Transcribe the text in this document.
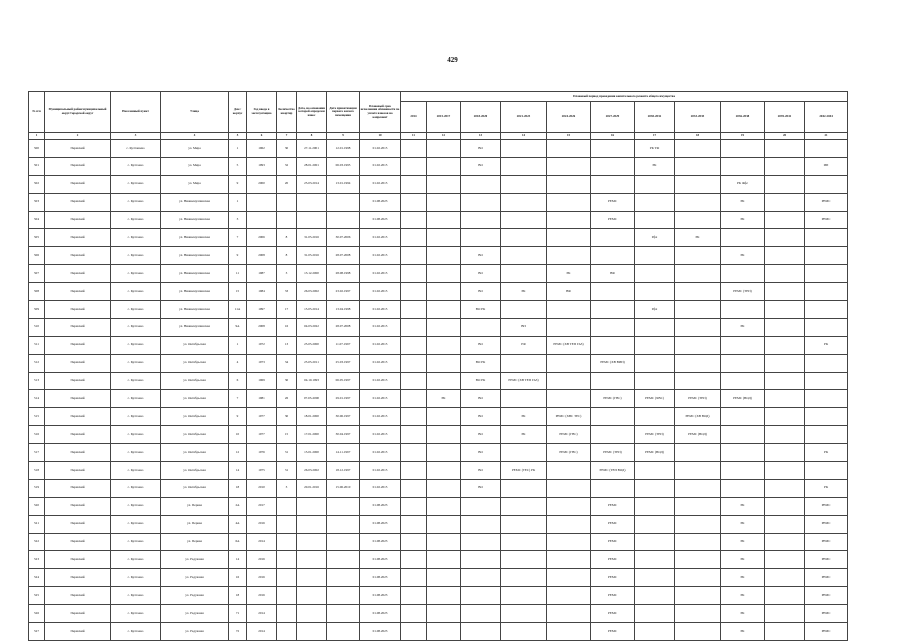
429
№ п/п	Муниципальный район/муниципальный округ/городской округ	Населенный пункт	Улица	Дом / корпус	Год ввода в эксплуатацию	Количество квартир	Дата, на основании которой определен износ	Дата приватизации первого жилого помещения	Плановый срок исполнения обязанности по уплате взносов на капремонт	Плановый период проведения капитального ремонта общего имущества										
										2014	2015-2017	2018-2020	2021-2023	2024-2026	2027-2029	2030-2032	2033-2035	2036-2038	2039-2041	2042-2044
1	2	3	4	5	6	7	8	9	10	11	12	13	14	15	16	17	18	19	20	21
500	Пермский	с. Култашево	ул. Мира	1	1962	30	27.11.2001	12.01.1998	01.02.2015			ВО				РК ТФ				
501	Пермский	с. Култаево	ул. Мира	5	1993	32	28.01.2001	06.03.1995	01.02.2015			ВО				РК				ИП
502	Пермский	с. Култаево	ул. Мира	9	2000	20	25.03.2014	13.01.1994	01.02.2015									РК Ффс		
503	Пермский	с. Култаево	ул. Нижнемуллинская	1					01.08.2023						РЕМС			РК		РЕМС
504	Пермский	с. Култаево	ул. Нижнемуллинская	3					01.08.2023						РЕМС			РК		РЕМС
505	Пермский	с. Култаево	ул. Нижнемуллинская	7	2006	8	31.05.2016	30.07.2006	01.02.2015							Рфх	РК			
506	Пермский	с. Култаево	ул. Нижнемуллинская	9	2008	8	31.05.2016	28.07.2008	01.02.2015			ВО						РК		
507	Пермский	с. Култаево	ул. Нижнемуллинская	11	1987	3	13.12.2000	28.08.1998	01.02.2015			ВО		РК	ВФ					
508	Пермский	с. Култаево	ул. Нижнемуллинская	15	1984	33	26.03.2002	23.02.1997	01.02.2015			ВО	РК	ВФ				РЕМС (ТЕП)		
509	Пермский	с. Култаево	ул. Нижнемуллинская	11А	1997	17	15.05.2014	13.04.1998	01.02.2015			ВО РК				Рфх				
510	Пермский	с. Култаево	ул. Нижнемуллинская	9А	2008	16	04.03.2022	28.07.2008	01.02.2015				ВП					РК		
511	Пермский	с. Култаево	ул. Октябрьская	1	1972	13	25.05.2000	11.07.1997	01.02.2015			ВО	РФ	РЕМС (ХВ ТЕП ГАЗ)						РК
512	Пермский	с. Култаево	ул. Октябрьская	4	1973	34	25.05.2011	25.03.1997	01.02.2015			ВО РК			РЕМС (ХВ ВИП)					
513	Пермский	с. Култаево	ул. Октябрьская	6	1969	30	04.10.1993	06.05.1997	01.02.2015			ВО РК	РЕМС (ХВ ТЕП ГАЗ)							
514	Пермский	с. Култаево	ул. Октябрьская	7	1981	26	07.03-2000	29.01.1997	01.02.2015		РК	ВО			РЕМС (ГВС)	РЕМС (ХВС)	РЕМС (ТЕП)	РЕМС (ВОД)		
515	Пермский	с. Култаево	ул. Октябрьская	9	1977	30	18.01.2000	30.06.1997	01.02.2015			ВО	РК	РЕМС (ХВС ТЕС)			РЕМС (ХВ ВОД)			
516	Пермский	с. Култаево	ул. Октябрьская	10	1977	15	17.01.2000	30.04.1997	01.02.2015			ВО	РК	РЕМС (ГВС)		РЕМС (ТЕП)	РЕМС (ВОД)			
517	Пермский	с. Култаево	ул. Октябрьская	12	1976	31	15.01.2000	14.11.1997	01.02.2015			ВО		РЕМС (ГВС)	РЕМС (ТЕП)	РЕМС (ВОД)				РК
518	Пермский	с. Култаево	ул. Октябрьская	14	1975	31	26.03.2002	18.12.1997	01.02.2015			ВО	РЕМС (ТЕС) РК		РЕМС (ТЕП ВОД)					
519	Пермский	с. Култаево	ул. Октябрьская	18	2010	3	20.01.2016	15.06.2010	01.02.2015			ВО								РК
520	Пермский	с. Култаево	ул. Первая	2А	2017				01.08.2023						РЕМС			РК		РЕМС
521	Пермский	с. Култаево	ул. Первая	4А	2016				01.08.2023						РЕМС			РК		РЕМС
522	Пермский	с. Култаево	ул. Первая	6А	2014				01.08.2023						РЕМС			РК		РЕМС
523	Пермский	с. Култаево	ул. Радужная	14	2016				01.08.2023						РЕМС			РК		РЕМС
524	Пермский	с. Култаево	ул. Радужная	16	2016				01.08.2023						РЕМС			РК		РЕМС
525	Пермский	с. Култаево	ул. Радужная	18	2016				01.08.2023						РЕМС			РК		РЕМС
526	Пермский	с. Култаево	ул. Радужная	71	2014				01.08.2023						РЕМС			РК		РЕМС
527	Пермский	с. Култаево	ул. Радужная	72	2014				01.08.2023						РЕМС			РК		РЕМС
